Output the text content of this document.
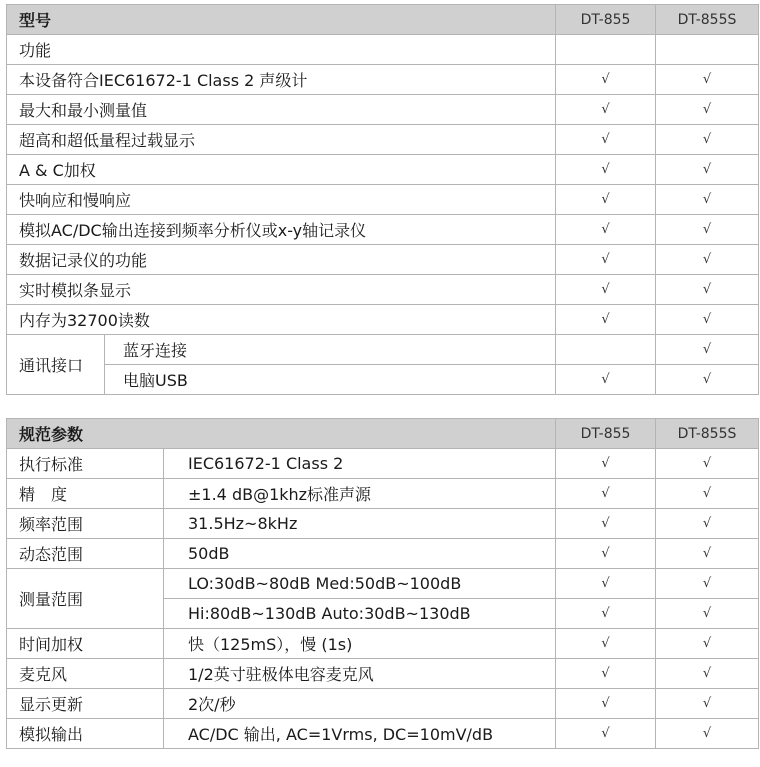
型号		DT-855	DT-855S
功能			
本设备符合IEC61672-1 Class 2 声级计		√	√
最大和最小测量值		√	√
超高和超低量程过载显示		√	√
A & C加权		√	√
快响应和慢响应		√	√
模拟AC/DC输出连接到频率分析仪或x-y轴记录仪		√	√
数据记录仪的功能		√	√
实时模拟条显示		√	√
内存为32700读数		√	√
通讯接口	蓝牙连接		√
	电脑USB	√	√
规范参数		DT-855	DT-855S
执行标准	IEC61672-1 Class 2	√	√
精　度	±1.4 dB@1khz标准声源	√	√
频率范围	31.5Hz~8kHz	√	√
动态范围	50dB	√	√
测量范围	LO:30dB~80dB Med:50dB~100dB	√	√
	Hi:80dB~130dB Auto:30dB~130dB	√	√
时间加权	快（125mS），慢 (1s)	√	√
麦克风	1/2英寸驻极体电容麦克风	√	√
显示更新	2次/秒	√	√
模拟输出	AC/DC 输出, AC=1Vrms, DC=10mV/dB	√	√
